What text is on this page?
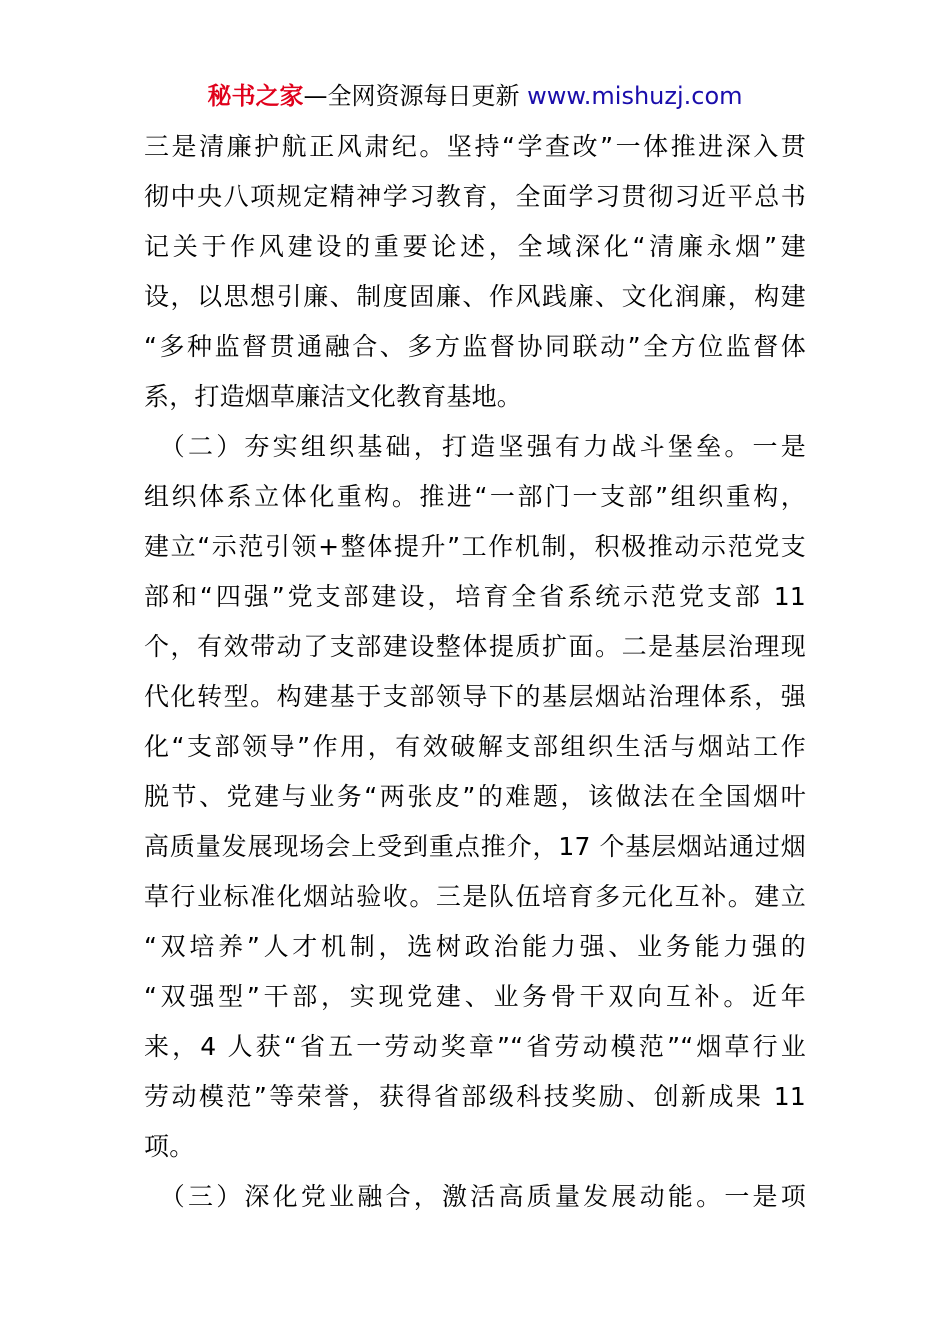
秘书之家—全网资源每日更新 www.mishuzj.com
三是清廉护航正风肃纪。坚持“学查改”一体推进深入贯
彻中央八项规定精神学习教育，全面学习贯彻习近平总书
记关于作风建设的重要论述，全域深化“清廉永烟”建
设，以思想引廉、制度固廉、作风践廉、文化润廉，构建
“多种监督贯通融合、多方监督协同联动”全方位监督体
系，打造烟草廉洁文化教育基地。
　（二）夯实组织基础，打造坚强有力战斗堡垒。一是
组织体系立体化重构。推进“一部门一支部”组织重构，
建立“示范引领+整体提升”工作机制，积极推动示范党支
部和“四强”党支部建设，培育全省系统示范党支部 11
个，有效带动了支部建设整体提质扩面。二是基层治理现
代化转型。构建基于支部领导下的基层烟站治理体系，强
化“支部领导”作用，有效破解支部组织生活与烟站工作
脱节、党建与业务“两张皮”的难题，该做法在全国烟叶
高质量发展现场会上受到重点推介，17 个基层烟站通过烟
草行业标准化烟站验收。三是队伍培育多元化互补。建立
“双培养”人才机制，选树政治能力强、业务能力强的
“双强型”干部，实现党建、业务骨干双向互补。近年
来，4 人获“省五一劳动奖章”“省劳动模范”“烟草行业
劳动模范”等荣誉，获得省部级科技奖励、创新成果 11
项。
　（三）深化党业融合，激活高质量发展动能。一是项
